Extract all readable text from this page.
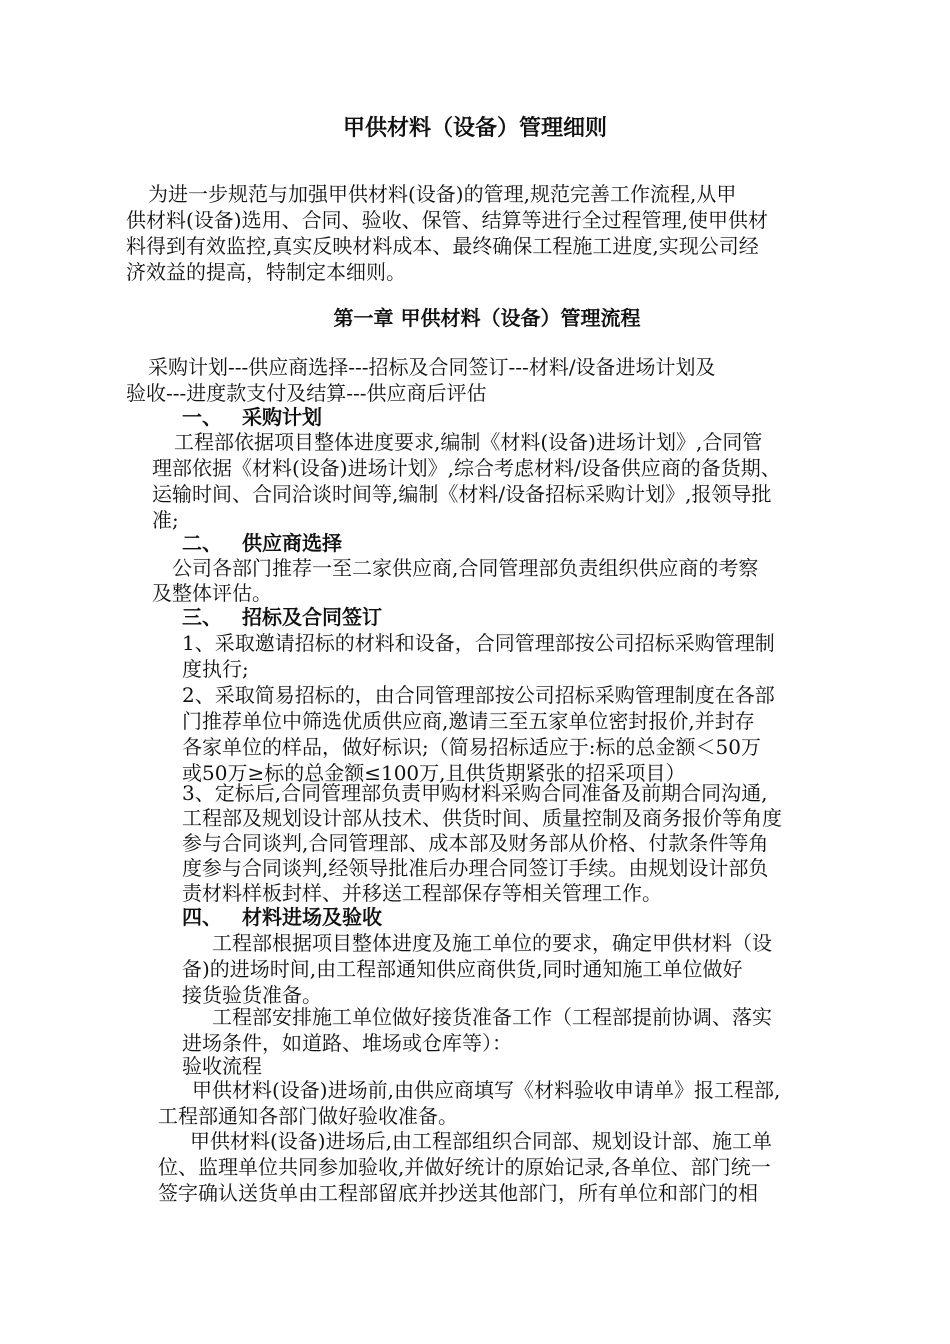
甲供材料（设备）管理细则

为进一步规范与加强甲供材料(设备)的管理,规范完善工作流程,从甲

供材料(设备)选用、合同、验收、保管、结算等进行全过程管理,使甲供材

料得到有效监控,真实反映材料成本、最终确保工程施工进度,实现公司经

济效益的提高，特制定本细则。

第一章 甲供材料（设备）管理流程

采购计划---供应商选择---招标及合同签订---材料/设备进场计划及

验收---进度款支付及结算---供应商后评估

一、 采购计划

工程部依据项目整体进度要求,编制《材料(设备)进场计划》,合同管

理部依据《材料(设备)进场计划》,综合考虑材料/设备供应商的备货期、

运输时间、合同洽谈时间等,编制《材料/设备招标采购计划》,报领导批

准;

二、 供应商选择

公司各部门推荐一至二家供应商,合同管理部负责组织供应商的考察

及整体评估。

三、 招标及合同签订

1、采取邀请招标的材料和设备，合同管理部按公司招标采购管理制

度执行;

2、采取简易招标的，由合同管理部按公司招标采购管理制度在各部

门推荐单位中筛选优质供应商,邀请三至五家单位密封报价,并封存

各家单位的样品，做好标识;（简易招标适应于:标的总金额＜50万

或50万≥标的总金额≤100万,且供货期紧张的招采项目）

3、定标后,合同管理部负责甲购材料采购合同准备及前期合同沟通,

工程部及规划设计部从技术、供货时间、质量控制及商务报价等角度

参与合同谈判,合同管理部、成本部及财务部从价格、付款条件等角

度参与合同谈判,经领导批准后办理合同签订手续。由规划设计部负

责材料样板封样、并移送工程部保存等相关管理工作。

四、 材料进场及验收

工程部根据项目整体进度及施工单位的要求，确定甲供材料（设

备)的进场时间,由工程部通知供应商供货,同时通知施工单位做好

接货验货准备。

工程部安排施工单位做好接货准备工作（工程部提前协调、落实

进场条件，如道路、堆场或仓库等）：

验收流程

甲供材料(设备)进场前,由供应商填写《材料验收申请单》报工程部,

工程部通知各部门做好验收准备。

甲供材料(设备)进场后,由工程部组织合同部、规划设计部、施工单

位、监理单位共同参加验收,并做好统计的原始记录,各单位、部门统一

签字确认送货单由工程部留底并抄送其他部门，所有单位和部门的相
